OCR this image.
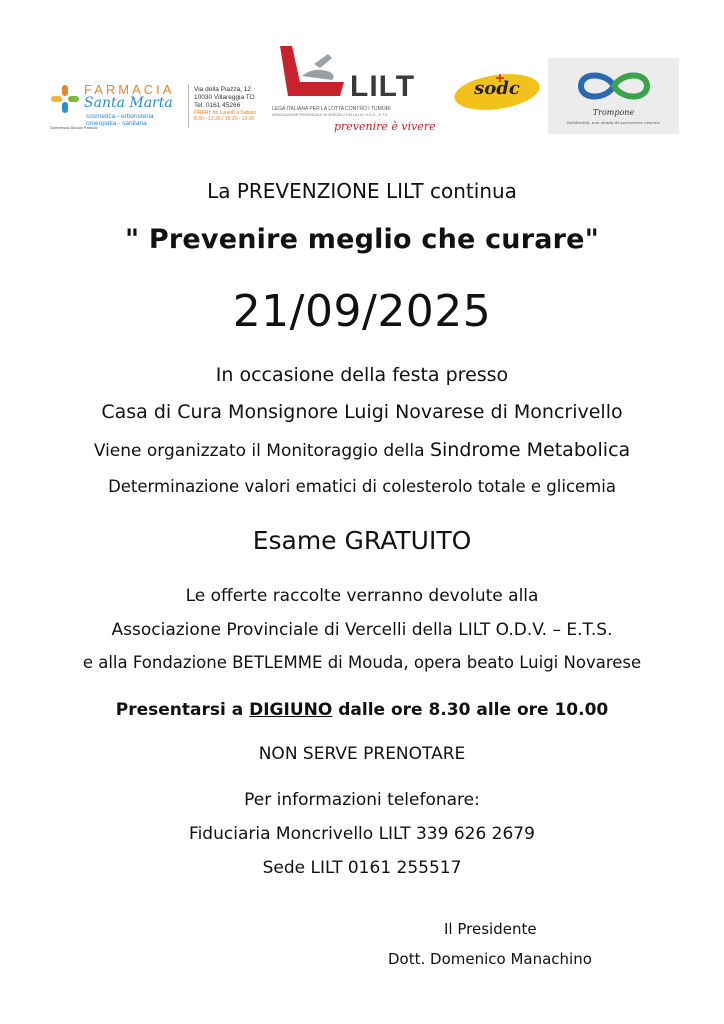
FARMACIA
Santa Marta
cosmetica - erboristeria
omeopatia - sanitaria
Dottoressa Bonzio Patrizia
Via della Piazza, 12
10030 Villareggia TO
Tel. 0161 45266
ORARI: da Lunedì a Sabato
8.30 - 12.30 / 15.30 - 19.30
LILT
LEGA ITALIANA PER LA LOTTA CONTRO I TUMORI
ASSOCIAZIONE PROVINCIALE DI VERCELLI DELLA LILT O.D.V. - E.T.S.
prevenire è vivere
sodc
Trompone
Solidarietà, una strada da percorrere insieme
La PREVENZIONE LILT continua
" Prevenire meglio che curare"
21/09/2025
In occasione della festa presso
Casa di Cura Monsignore Luigi Novarese di Moncrivello
Viene organizzato il Monitoraggio della Sindrome Metabolica
Determinazione valori ematici di colesterolo totale e glicemia
Esame GRATUITO
Le offerte raccolte verranno devolute alla
Associazione Provinciale di Vercelli della LILT O.D.V. – E.T.S.
e alla Fondazione BETLEMME di Mouda, opera beato Luigi Novarese
Presentarsi a DIGIUNO dalle ore 8.30 alle ore 10.00
NON SERVE PRENOTARE
Per informazioni telefonare:
Fiduciaria Moncrivello LILT 339 626 2679
Sede LILT 0161 255517
Il Presidente
Dott. Domenico Manachino
